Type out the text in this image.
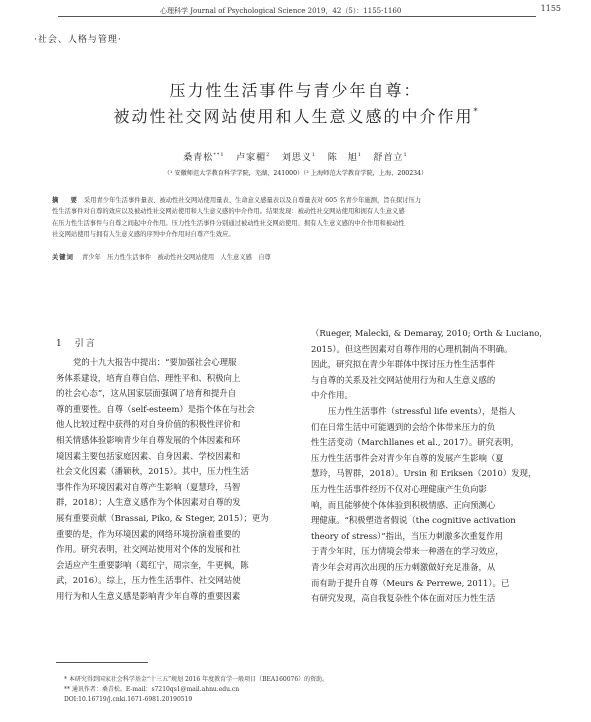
心理科学 Journal of Psychological Science 2019，42（5）：1155-1160	1155
·社会、人格与管理·
压力性生活事件与青少年自尊：
被动性社交网站使用和人生意义感的中介作用*
桑青松$^{**1}$ 卢家楣$^2$ 刘思义$^1$ 陈　旭$^1$ 舒首立$^1$
（¹ 安徽师范大学教育科学学院，芜湖，241000）（² 上海师范大学教育学院，上海，200234）
摘　要 采用青少年生活事件量表、被动性社交网站使用量表、生命意义感量表以及自尊量表对 605 名青少年施测，旨在探讨压力
性生活事件对自尊的效应以及被动性社交网站使用和人生意义感的中介作用。结果发现：被动性社交网站使用和拥有人生意义感
在压力性生活事件与自尊之间起中介作用。压力性生活事件分别通过被动性社交网站使用、拥有人生意义感的中介作用和被动性
社交网站使用与拥有人生意义感的序列中介作用对自尊产生效应。
关键词 青少年　压力性生活事件　被动性社交网站使用　人生意义感　自尊
1　引言
党的十九大报告中提出：“要加强社会心理服
务体系建设，培育自尊自信、理性平和、积极向上
的社会心态”，这从国家层面强调了培育和提升自
尊的重要性。自尊（self-esteem）是指个体在与社会
他人比较过程中获得的对自身价值的积极性评价和
相关情感体验影响青少年自尊发展的个体因素和环
境因素主要包括家庭因素、自身因素、学校因素和
社会文化因素（潘颖秋，2015）。其中，压力性生活
事件作为环境因素对自尊产生影响（夏慧玲，马智
群，2018）；人生意义感作为个体因素对自尊的发
展有重要贡献（Brassai, Piko, & Steger, 2015）；更为
重要的是，作为环境因素的网络环境扮演着重要的
作用。研究表明，社交网站使用对个体的发展和社
会适应产生重要影响（葛红宁，周宗奎，牛更枫，陈
武，2016）。综上，压力性生活事件、社交网站使
用行为和人生意义感是影响青少年自尊的重要因素
（Rueger, Malecki, & Demaray, 2010; Orth & Luciano,
2015）。但这些因素对自尊作用的心理机制尚不明确。
因此，研究拟在青少年群体中探讨压力性生活事件
与自尊的关系及社交网站使用行为和人生意义感的
中介作用。
压力性生活事件（stressful life events），是指人
们在日常生活中可能遇到的会给个体带来压力的负
性生活变动（Marchllanes et al., 2017）。研究表明，
压力性生活事件会对青少年自尊的发展产生影响（夏
慧玲，马智群，2018）。Ursin 和 Eriksen（2010）发现，
压力性生活事件经历不仅对心理健康产生负向影
响，而且能够使个体体验到积极情感、正向预测心
理健康。“积极塑造者假说（the cognitive activation
theory of stress）”指出，当压力刺激多次重复作用
于青少年时，压力情境会带来一种潜在的学习效应，
青少年会对再次出现的压力刺激做好充足准备，从
而有助于提升自尊（Meurs & Perrewe, 2011）。已
有研究发现，高自我复杂性个体在面对压力性生活
* 本研究得到国家社会科学基金“十三五”规划 2016 年度教育学一般项目（BEA160076）的资助。
** 通讯作者：桑青松。E-mail：s7210qs1@mail.ahnu.edu.cn
DOI:10.16719/j.cnki.1671-6981.20190519
